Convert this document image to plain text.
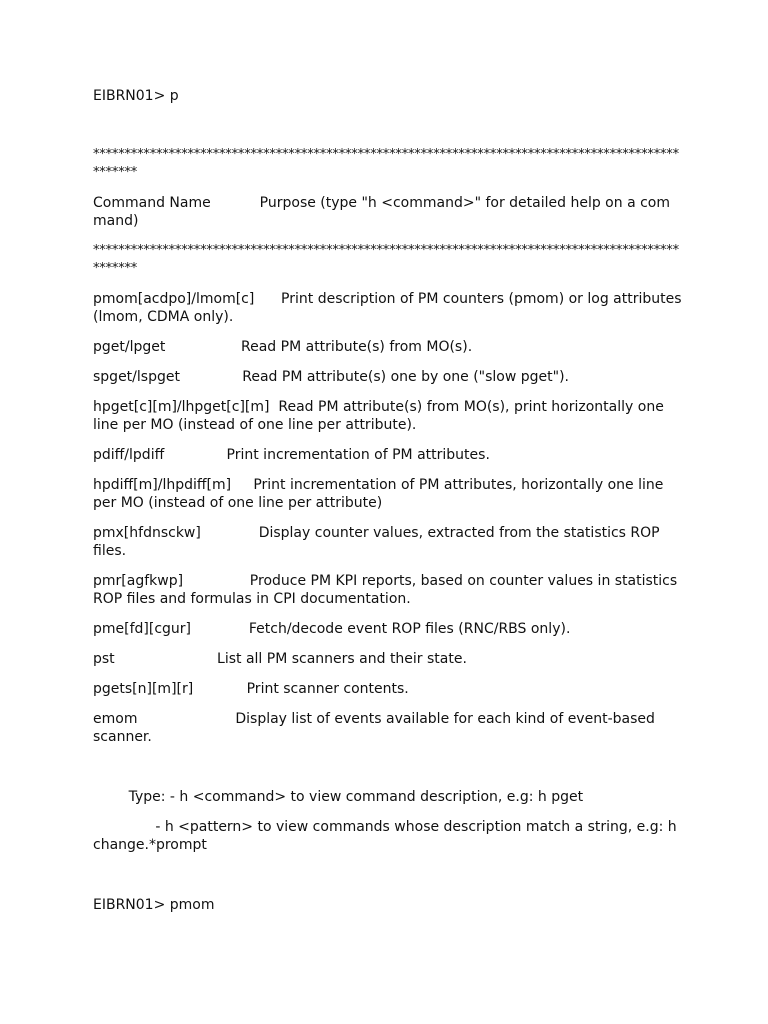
EIBRN01> p
****************************************************************************************************
Command Name           Purpose (type "h <command>" for detailed help on a command)
****************************************************************************************************
pmom[acdpo]/lmom[c]      Print description of PM counters (pmom) or log attributes (lmom, CDMA only).
pget/lpget                 Read PM attribute(s) from MO(s).
spget/lspget              Read PM attribute(s) one by one ("slow pget").
hpget[c][m]/lhpget[c][m]  Read PM attribute(s) from MO(s), print horizontally one line per MO (instead of one line per attribute).
pdiff/lpdiff              Print incrementation of PM attributes.
hpdiff[m]/lhpdiff[m]     Print incrementation of PM attributes, horizontally one line per MO (instead of one line per attribute)
pmx[hfdnsckw]             Display counter values, extracted from the statistics ROP files.
pmr[agfkwp]               Produce PM KPI reports, based on counter values in statistics ROP files and formulas in CPI documentation.
pme[fd][cgur]             Fetch/decode event ROP files (RNC/RBS only).
pst                       List all PM scanners and their state.
pgets[n][m][r]            Print scanner contents.
emom                      Display list of events available for each kind of event-based scanner.
Type: - h <command> to view command description, e.g: h pget
- h <pattern> to view commands whose description match a string, e.g: h change.*prompt
EIBRN01> pmom
